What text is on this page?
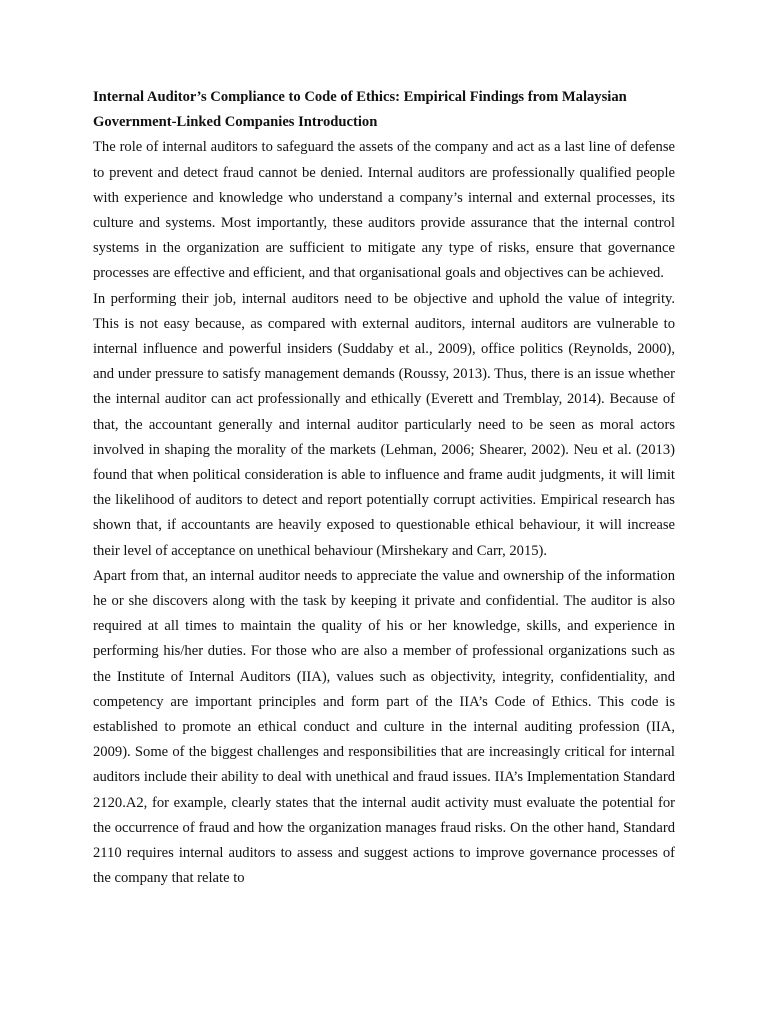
Internal Auditor’s Compliance to Code of Ethics: Empirical Findings from Malaysian Government-Linked Companies Introduction

The role of internal auditors to safeguard the assets of the company and act as a last line of defense to prevent and detect fraud cannot be denied. Internal auditors are professionally qualified people with experience and knowledge who understand a company’s internal and external processes, its culture and systems. Most importantly, these auditors provide assurance that the internal control systems in the organization are sufficient to mitigate any type of risks, ensure that governance processes are effective and efficient, and that organisational goals and objectives can be achieved.

In performing their job, internal auditors need to be objective and uphold the value of integrity. This is not easy because, as compared with external auditors, internal auditors are vulnerable to internal influence and powerful insiders (Suddaby et al., 2009), office politics (Reynolds, 2000), and under pressure to satisfy management demands (Roussy, 2013). Thus, there is an issue whether the internal auditor can act professionally and ethically (Everett and Tremblay, 2014). Because of that, the accountant generally and internal auditor particularly need to be seen as moral actors involved in shaping the morality of the markets (Lehman, 2006; Shearer, 2002). Neu et al. (2013) found that when political consideration is able to influence and frame audit judgments, it will limit the likelihood of auditors to detect and report potentially corrupt activities. Empirical research has shown that, if accountants are heavily exposed to questionable ethical behaviour, it will increase their level of acceptance on unethical behaviour (Mirshekary and Carr, 2015).

Apart from that, an internal auditor needs to appreciate the value and ownership of the information he or she discovers along with the task by keeping it private and confidential. The auditor is also required at all times to maintain the quality of his or her knowledge, skills, and experience in performing his/her duties. For those who are also a member of professional organizations such as the Institute of Internal Auditors (IIA), values such as objectivity, integrity, confidentiality, and competency are important principles and form part of the IIA’s Code of Ethics. This code is established to promote an ethical conduct and culture in the internal auditing profession (IIA, 2009). Some of the biggest challenges and responsibilities that are increasingly critical for internal auditors include their ability to deal with unethical and fraud issues. IIA’s Implementation Standard 2120.A2, for example, clearly states that the internal audit activity must evaluate the potential for the occurrence of fraud and how the organization manages fraud risks. On the other hand, Standard 2110 requires internal auditors to assess and suggest actions to improve governance processes of the company that relate to
